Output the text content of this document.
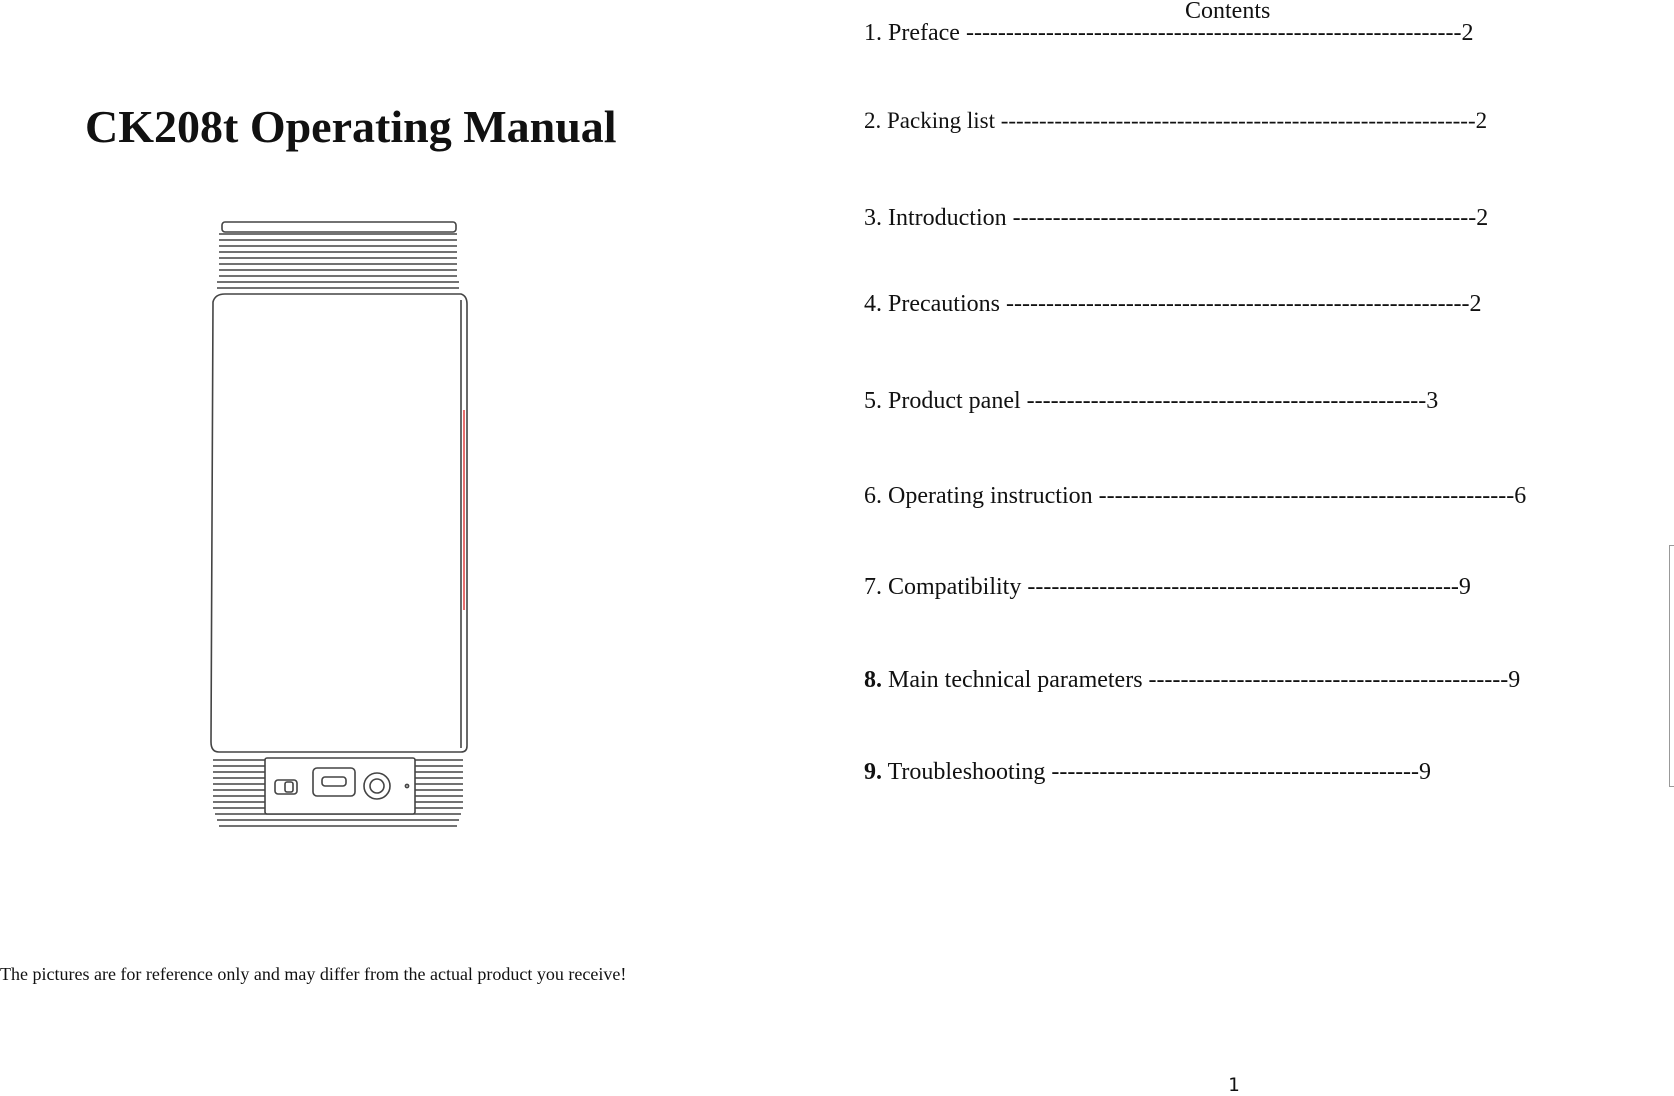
CK208t Operating Manual
The pictures are for reference only and may differ from the actual product you receive!
Contents
1. Preface --------------------------------------------------------------2
2. Packing list --------------------------------------------------------------2
3. Introduction ----------------------------------------------------------2
4. Precautions ----------------------------------------------------------2
5. Product panel --------------------------------------------------3
6. Operating instruction ----------------------------------------------------6
7. Compatibility ------------------------------------------------------9
8. Main technical parameters ---------------------------------------------9
9. Troubleshooting ----------------------------------------------9
1
